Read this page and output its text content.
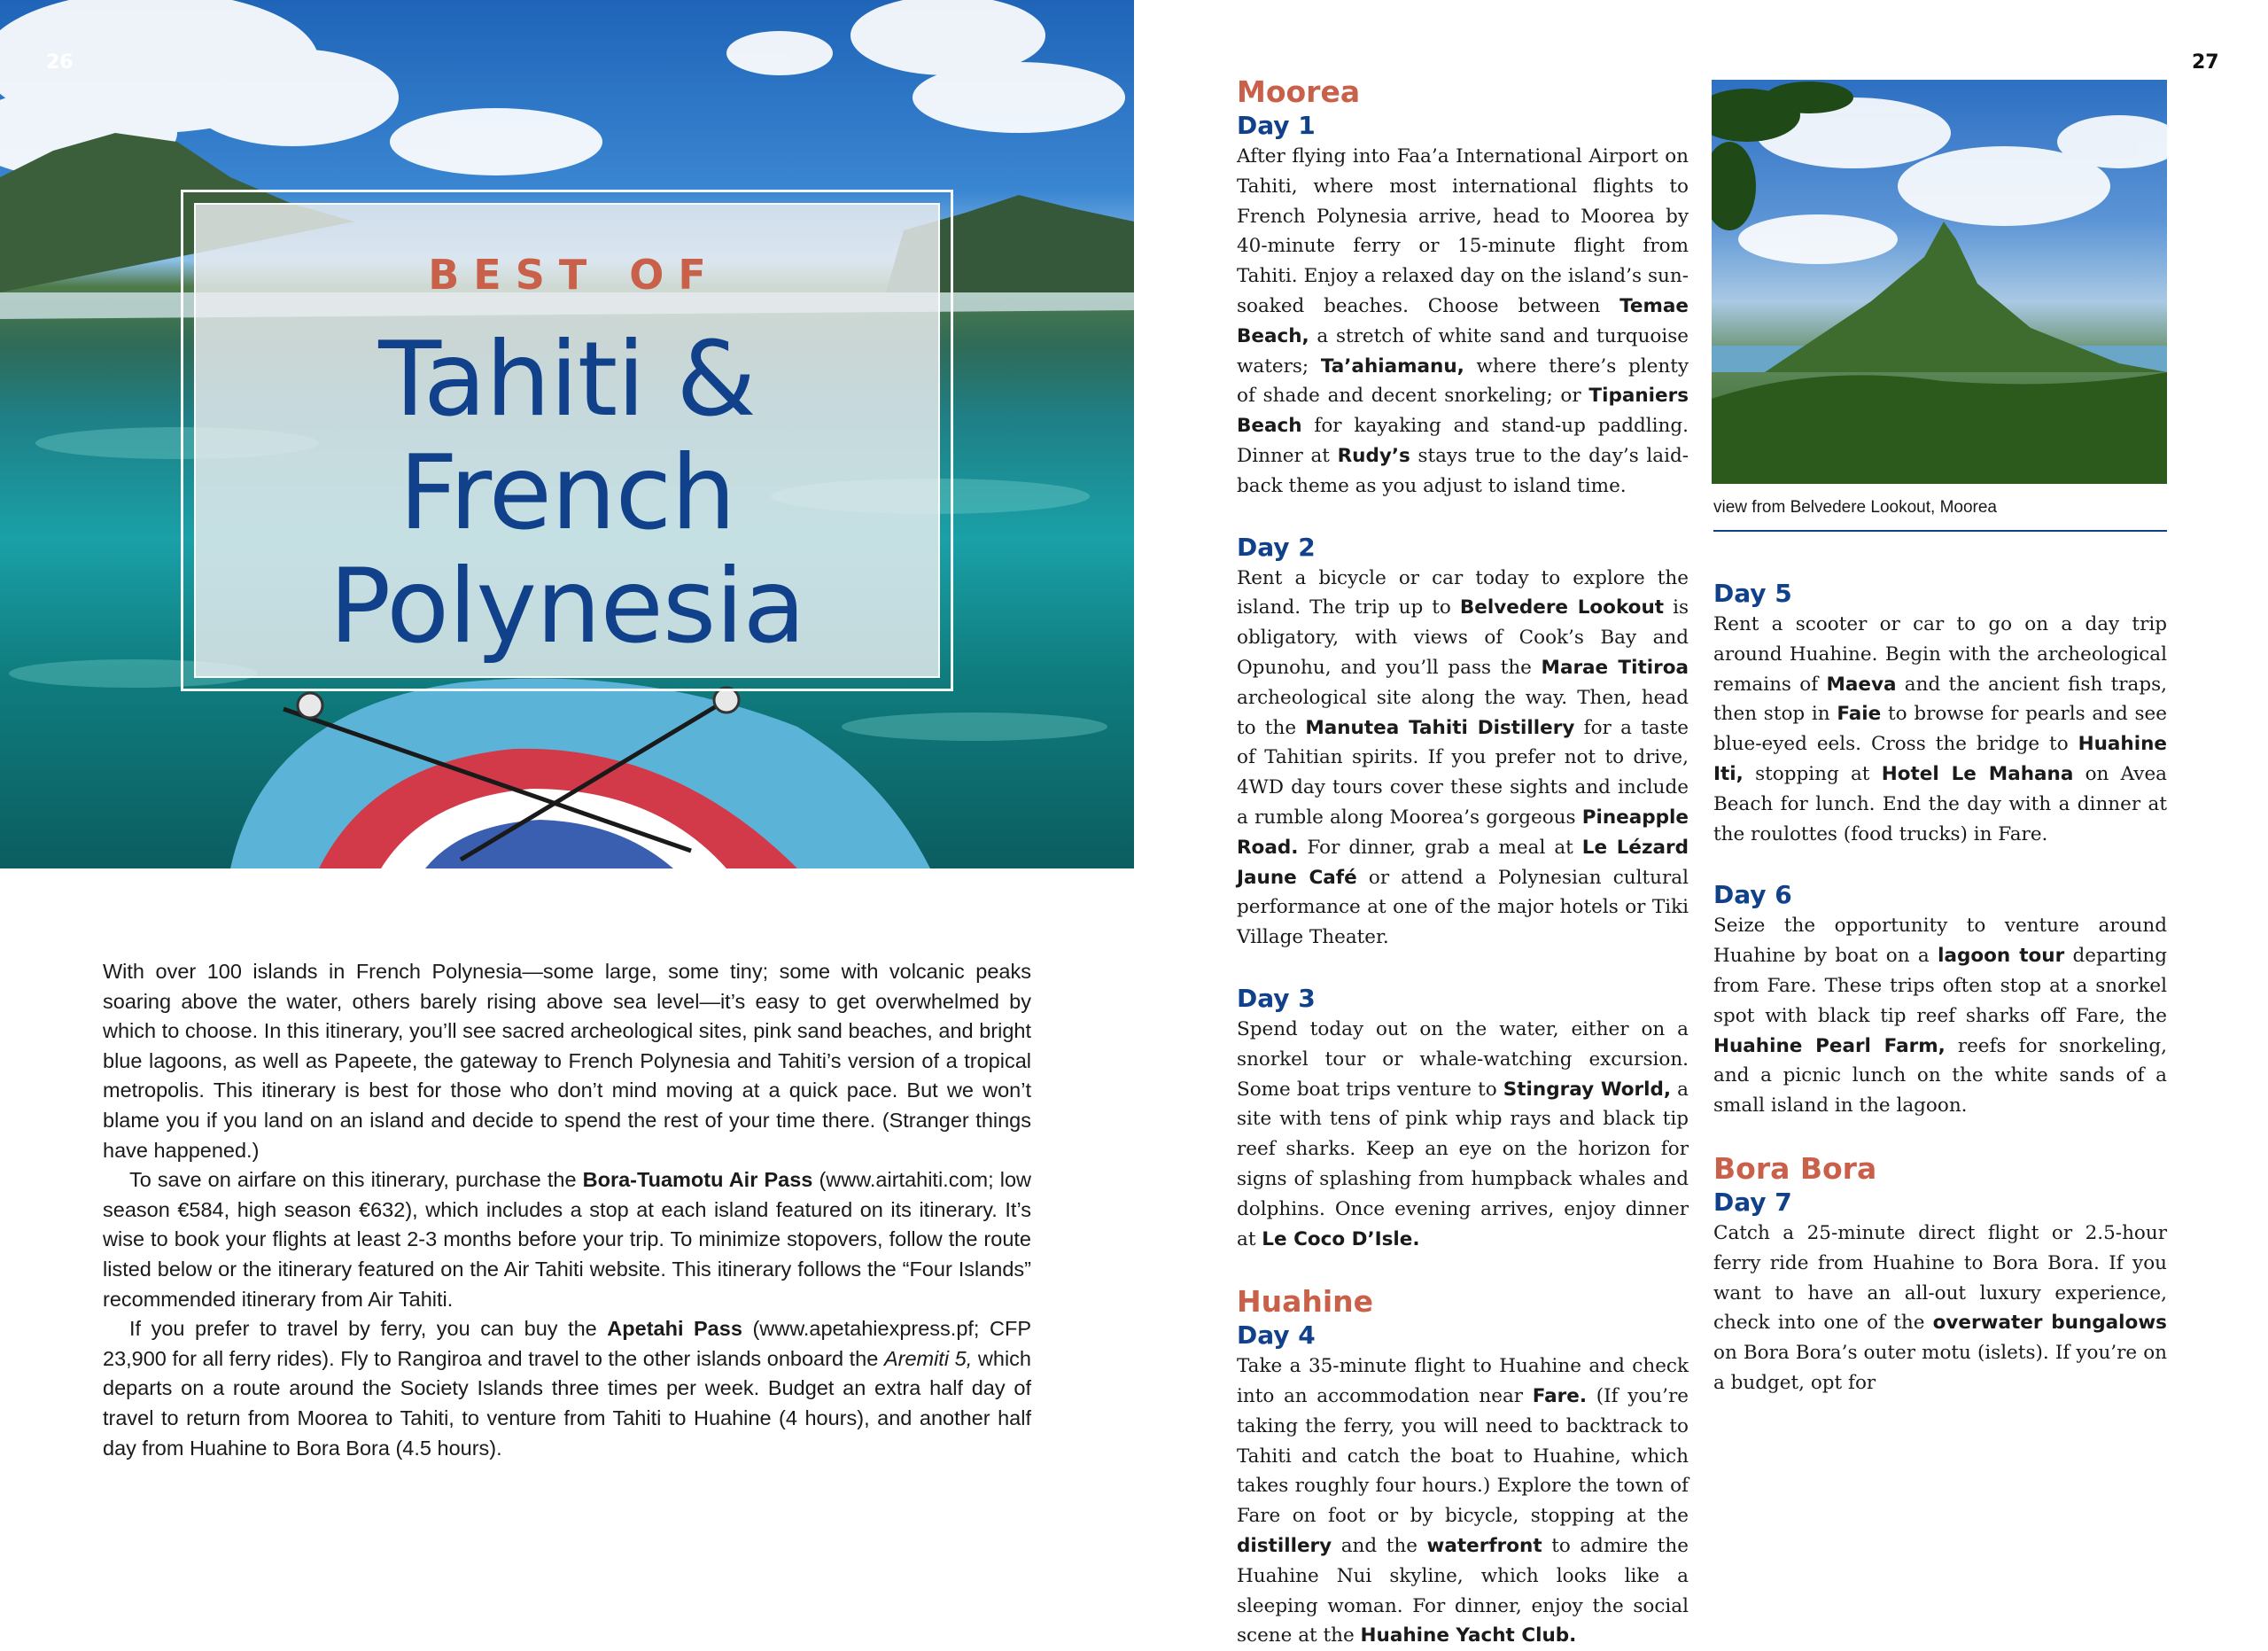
26
BEST OF
Tahiti &
French
Polynesia

With over 100 islands in French Polynesia—some large, some tiny; some with volcanic peaks soaring above the water, others barely rising above sea level—it’s easy to get overwhelmed by which to choose. In this itinerary, you’ll see sacred archeological sites, pink sand beaches, and bright blue lagoons, as well as Papeete, the gateway to French Polynesia and Tahiti’s version of a tropical metropolis. This itinerary is best for those who don’t mind moving at a quick pace. But we won’t blame you if you land on an island and decide to spend the rest of your time there. (Stranger things have happened.)

To save on airfare on this itinerary, purchase the Bora-Tuamotu Air Pass (www.airtahiti.com; low season €584, high season €632), which includes a stop at each island featured on its itinerary. It’s wise to book your flights at least 2-3 months before your trip. To minimize stopovers, follow the route listed below or the itinerary featured on the Air Tahiti website. This itinerary follows the “Four Islands” recommended itinerary from Air Tahiti.

If you prefer to travel by ferry, you can buy the Apetahi Pass (www.apetahiexpress.pf; CFP 23,900 for all ferry rides). Fly to Rangiroa and travel to the other islands onboard the Aremiti 5, which departs on a route around the Society Islands three times per week. Budget an extra half day of travel to return from Moorea to Tahiti, to venture from Tahiti to Huahine (4 hours), and another half day from Huahine to Bora Bora (4.5 hours).

27
view from Belvedere Lookout, Moorea
Moorea
Day 1

After flying into Faa’a International Airport on Tahiti, where most international flights to French Polynesia arrive, head to Moorea by 40-minute ferry or 15-minute flight from Tahiti. Enjoy a relaxed day on the island’s sun-soaked beaches. Choose between Temae Beach, a stretch of white sand and turquoise waters; Ta’ahiamanu, where there’s plenty of shade and decent snorkeling; or Tipaniers Beach for kayaking and stand-up paddling. Dinner at Rudy’s stays true to the day’s laid-back theme as you adjust to island time.

Day 2

Rent a bicycle or car today to explore the island. The trip up to Belvedere Lookout is obligatory, with views of Cook’s Bay and Opunohu, and you’ll pass the Marae Titiroa archeological site along the way. Then, head to the Manutea Tahiti Distillery for a taste of Tahitian spirits. If you prefer not to drive, 4WD day tours cover these sights and include a rumble along Moorea’s gorgeous Pineapple Road. For dinner, grab a meal at Le Lézard Jaune Café or attend a Polynesian cultural performance at one of the major hotels or Tiki Village Theater.

Day 3

Spend today out on the water, either on a snorkel tour or whale-watching excursion. Some boat trips venture to Stingray World, a site with tens of pink whip rays and black tip reef sharks. Keep an eye on the horizon for signs of splashing from humpback whales and dolphins. Once evening arrives, enjoy dinner at Le Coco D’Isle.

Huahine
Day 4

Take a 35-minute flight to Huahine and check into an accommodation near Fare. (If you’re taking the ferry, you will need to backtrack to Tahiti and catch the boat to Huahine, which takes roughly four hours.) Explore the town of Fare on foot or by bicycle, stopping at the distillery and the waterfront to admire the Huahine Nui skyline, which looks like a sleeping woman. For dinner, enjoy the social scene at the Huahine Yacht Club.

Day 5

Rent a scooter or car to go on a day trip around Huahine. Begin with the archeological remains of Maeva and the ancient fish traps, then stop in Faie to browse for pearls and see blue-eyed eels. Cross the bridge to Huahine Iti, stopping at Hotel Le Mahana on Avea Beach for lunch. End the day with a dinner at the roulottes (food trucks) in Fare.

Day 6

Seize the opportunity to venture around Huahine by boat on a lagoon tour departing from Fare. These trips often stop at a snorkel spot with black tip reef sharks off Fare, the Huahine Pearl Farm, reefs for snorkeling, and a picnic lunch on the white sands of a small island in the lagoon.

Bora Bora
Day 7

Catch a 25-minute direct flight or 2.5-hour ferry ride from Huahine to Bora Bora. If you want to have an all-out luxury experience, check into one of the overwater bungalows on Bora Bora’s outer motu (islets). If you’re on a budget, opt for
